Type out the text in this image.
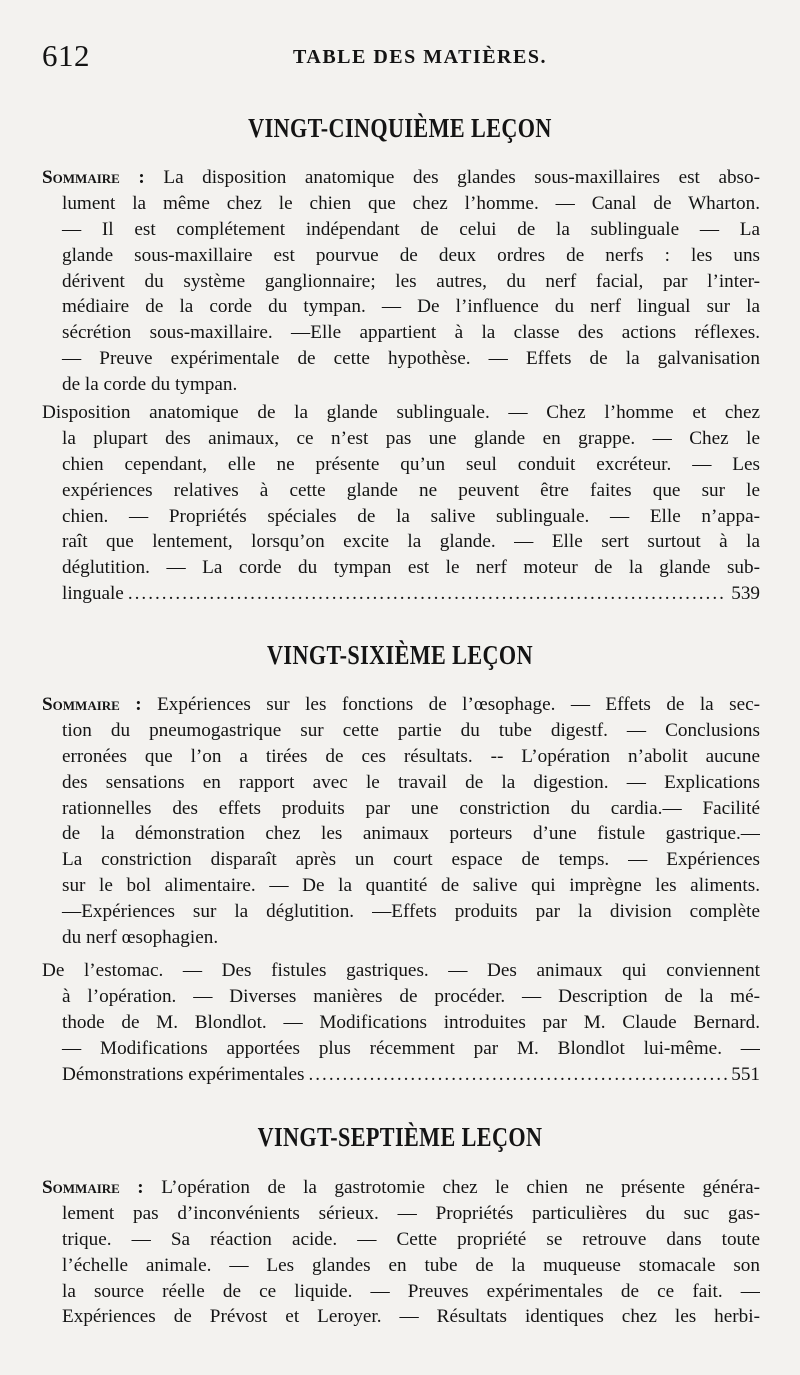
612	TABLE DES MATIÈRES.
VINGT-CINQUIÈME LEÇON
Sommaire : La disposition anatomique des glandes sous-maxillaires est abso-
lument la même chez le chien que chez l’homme. — Canal de Wharton.
— Il est complétement indépendant de celui de la sublinguale — La
glande sous-maxillaire est pourvue de deux ordres de nerfs : les uns
dérivent du système ganglionnaire; les autres, du nerf facial, par l’inter-
médiaire de la corde du tympan. — De l’influence du nerf lingual sur la
sécrétion sous-maxillaire. —Elle appartient à la classe des actions réflexes.
— Preuve expérimentale de cette hypothèse. — Effets de la galvanisation
de la corde du tympan.
Disposition anatomique de la glande sublinguale. — Chez l’homme et chez
la plupart des animaux, ce n’est pas une glande en grappe. — Chez le
chien cependant, elle ne présente qu’un seul conduit excréteur. — Les
expériences relatives à cette glande ne peuvent être faites que sur le
chien. — Propriétés spéciales de la salive sublinguale. — Elle n’appa-
raît que lentement, lorsqu’on excite la glande. — Elle sert surtout à la
déglutition. — La corde du tympan est le nerf moteur de la glande sub-
linguale .....	539
VINGT-SIXIÈME LEÇON
Sommaire : Expériences sur les fonctions de l’œsophage. — Effets de la sec-
tion du pneumogastrique sur cette partie du tube digestf. — Conclusions
erronées que l’on a tirées de ces résultats. -- L’opération n’abolit aucune
des sensations en rapport avec le travail de la digestion. — Explications
rationnelles des effets produits par une constriction du cardia.— Facilité
de la démonstration chez les animaux porteurs d’une fistule gastrique.—
La constriction disparaît après un court espace de temps. — Expériences
sur le bol alimentaire. — De la quantité de salive qui imprègne les aliments.
—Expériences sur la déglutition. —Effets produits par la division complète
du nerf œsophagien.
De l’estomac. — Des fistules gastriques. — Des animaux qui conviennent
à l’opération. — Diverses manières de procéder. — Description de la mé-
thode de M. Blondlot. — Modifications introduites par M. Claude Bernard.
— Modifications apportées plus récemment par M. Blondlot lui-même. —
Démonstrations expérimentales .....	551
VINGT-SEPTIÈME LEÇON
Sommaire : L’opération de la gastrotomie chez le chien ne présente généra-
lement pas d’inconvénients sérieux. — Propriétés particulières du suc gas-
trique. — Sa réaction acide. — Cette propriété se retrouve dans toute
l’échelle animale. — Les glandes en tube de la muqueuse stomacale son
la source réelle de ce liquide. — Preuves expérimentales de ce fait. —
Expériences de Prévost et Leroyer. — Résultats identiques chez les herbi-
